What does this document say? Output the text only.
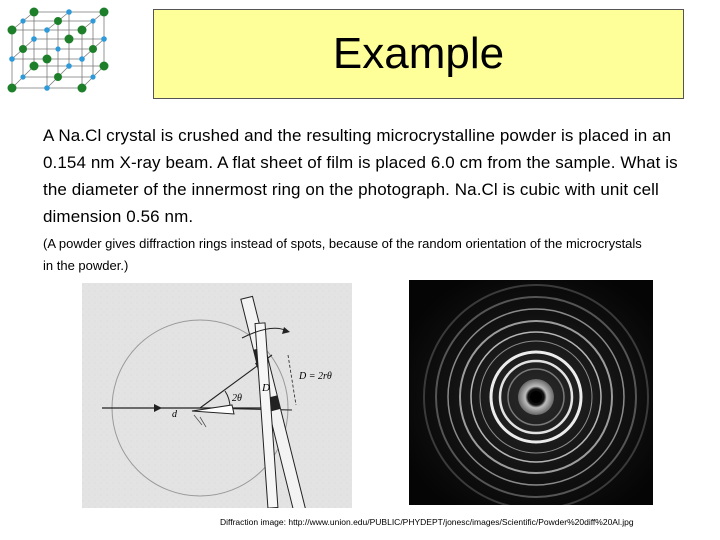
Example
A Na.Cl crystal is crushed and the resulting microcrystalline powder is placed in an 0.154 nm X-ray beam. A flat sheet of film is placed 6.0 cm from the sample. What is the diameter of the innermost ring on the photograph. Na.Cl is cubic with unit cell dimension 0.56 nm.
(A powder gives diffraction rings instead of spots, because of the random orientation of the microcrystals in the powder.)
D
D = 2rθ
d
2θ
Diffraction image: http://www.union.edu/PUBLIC/PHYDEPT/jonesc/images/Scientific/Powder%20diff%20Al.jpg
